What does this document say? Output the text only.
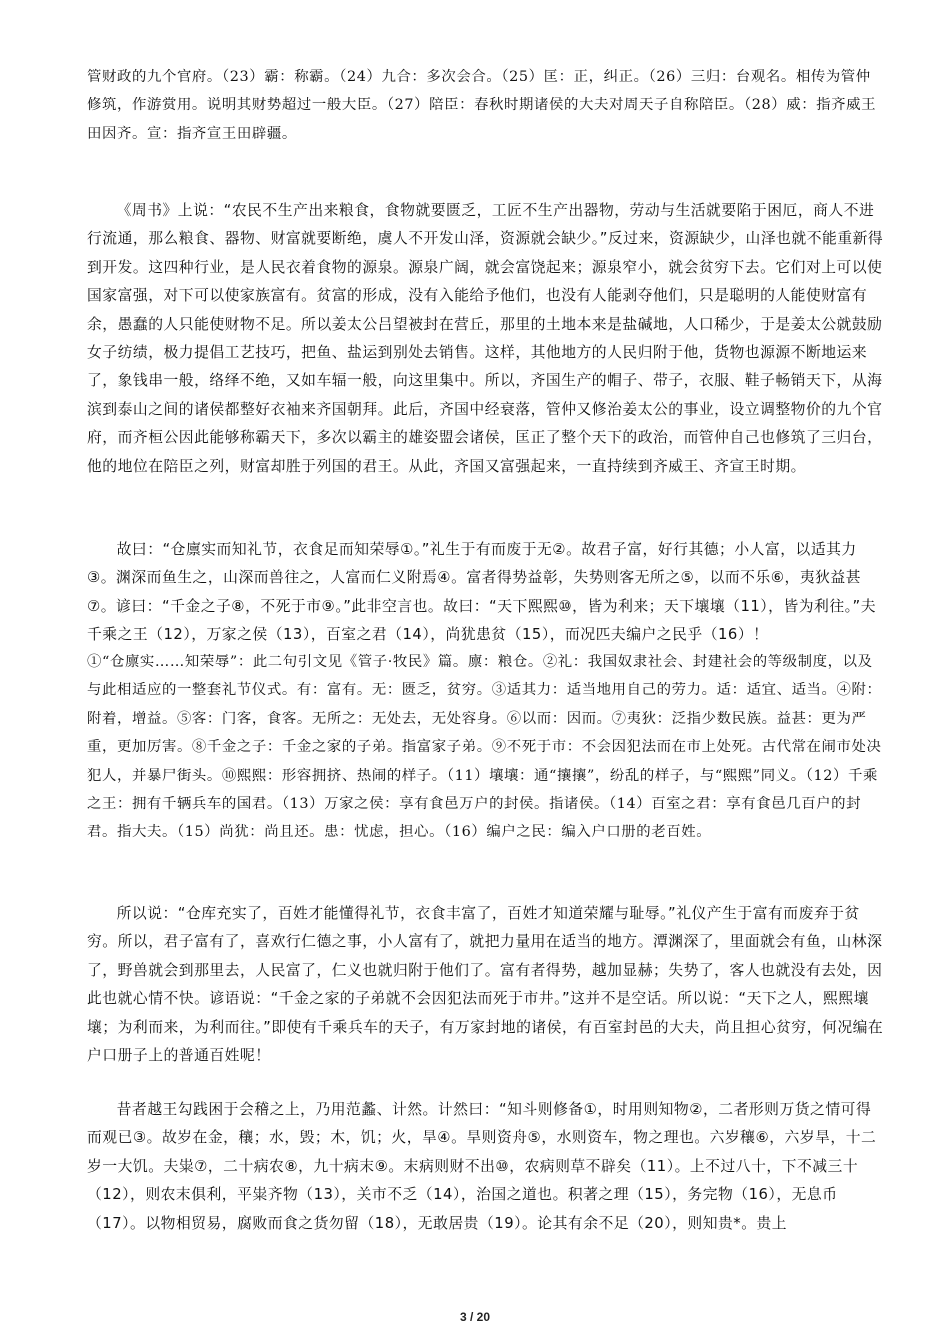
管财政的九个官府。（23）霸：称霸。（24）九合：多次会合。（25）匡：正，纠正。（26）三归：台观名。相传为管仲修筑，作游赏用。说明其财势超过一般大臣。（27）陪臣：春秋时期诸侯的大夫对周天子自称陪臣。（28）威：指齐威王田因齐。宣：指齐宣王田辟疆。
《周书》上说：“农民不生产出来粮食，食物就要匮乏，工匠不生产出器物，劳动与生活就要陷于困厄，商人不进行流通，那么粮食、器物、财富就要断绝，虞人不开发山泽，资源就会缺少。”反过来，资源缺少，山泽也就不能重新得到开发。这四种行业，是人民衣着食物的源泉。源泉广阔，就会富饶起来；源泉窄小，就会贫穷下去。它们对上可以使国家富强，对下可以使家族富有。贫富的形成，没有入能给予他们，也没有人能剥夺他们，只是聪明的人能使财富有余，愚蠢的人只能使财物不足。所以姜太公吕望被封在营丘，那里的土地本来是盐碱地，人口稀少，于是姜太公就鼓励女子纺绩，极力提倡工艺技巧，把鱼、盐运到别处去销售。这样，其他地方的人民归附于他，货物也源源不断地运来了，象钱串一般，络绎不绝，又如车辐一般，向这里集中。所以，齐国生产的帽子、带子，衣服、鞋子畅销天下，从海滨到泰山之间的诸侯都整好衣袖来齐国朝拜。此后，齐国中经衰落，管仲又修治姜太公的事业，设立调整物价的九个官府，而齐桓公因此能够称霸天下，多次以霸主的雄姿盟会诸侯，匡正了整个天下的政治，而管仲自己也修筑了三归台，他的地位在陪臣之列，财富却胜于列国的君王。从此，齐国又富强起来，一直持续到齐威王、齐宣王时期。
故曰：“仓廪实而知礼节，衣食足而知荣辱①。”礼生于有而废于无②。故君子富，好行其德；小人富，以适其力③。渊深而鱼生之，山深而兽往之，人富而仁义附焉④。富者得势益彰，失势则客无所之⑤，以而不乐⑥，夷狄益甚⑦。谚曰：“千金之子⑧，不死于市⑨。”此非空言也。故曰：“天下熙熙⑩，皆为利来；天下壤壤（11），皆为利往。”夫千乘之王（12），万家之侯（13），百室之君（14），尚犹患贫（15），而况匹夫编户之民乎（16）！
①“仓廪实……知荣辱”：此二句引文见《管子·牧民》篇。廪：粮仓。②礼：我国奴隶社会、封建社会的等级制度，以及与此相适应的一整套礼节仪式。有：富有。无：匮乏，贫穷。③适其力：适当地用自己的劳力。适：适宜、适当。④附：附着，增益。⑤客：门客，食客。无所之：无处去，无处容身。⑥以而：因而。⑦夷狄：泛指少数民族。益甚：更为严重，更加厉害。⑧千金之子：千金之家的子弟。指富家子弟。⑨不死于市：不会因犯法而在市上处死。古代常在闹市处决犯人，并暴尸街头。⑩熙熙：形容拥挤、热闹的样子。（11）壤壤：通“攘攘”，纷乱的样子，与“熙熙”同义。（12）千乘之王：拥有千辆兵车的国君。（13）万家之侯：享有食邑万户的封侯。指诸侯。（14）百室之君：享有食邑几百户的封君。指大夫。（15）尚犹：尚且还。患：忧虑，担心。（16）编户之民：编入户口册的老百姓。
所以说：“仓库充实了，百姓才能懂得礼节，衣食丰富了，百姓才知道荣耀与耻辱。”礼仪产生于富有而废弃于贫穷。所以，君子富有了，喜欢行仁德之事，小人富有了，就把力量用在适当的地方。潭渊深了，里面就会有鱼，山林深了，野兽就会到那里去，人民富了，仁义也就归附于他们了。富有者得势，越加显赫；失势了，客人也就没有去处，因此也就心情不快。谚语说：“千金之家的子弟就不会因犯法而死于市井。”这并不是空话。所以说：“天下之人，熙熙壤壤；为利而来，为利而往。”即使有千乘兵车的天子，有万家封地的诸侯，有百室封邑的大夫，尚且担心贫穷，何况编在户口册子上的普通百姓呢！
昔者越王勾践困于会稽之上，乃用范蠡、计然。计然曰：“知斗则修备①，时用则知物②，二者形则万货之情可得而观已③。故岁在金，穰；水，毁；木，饥；火，旱④。旱则资舟⑤，水则资车，物之理也。六岁穰⑥，六岁旱，十二岁一大饥。夫粜⑦，二十病农⑧，九十病末⑨。末病则财不出⑩，农病则草不辟矣（11）。上不过八十，下不减三十（12），则农末俱利，平粜齐物（13），关市不乏（14），治国之道也。积著之理（15），务完物（16），无息币（17）。以物相贸易，腐败而食之货勿留（18），无敢居贵（19）。论其有余不足（20），则知贵*。贵上
3 / 20
